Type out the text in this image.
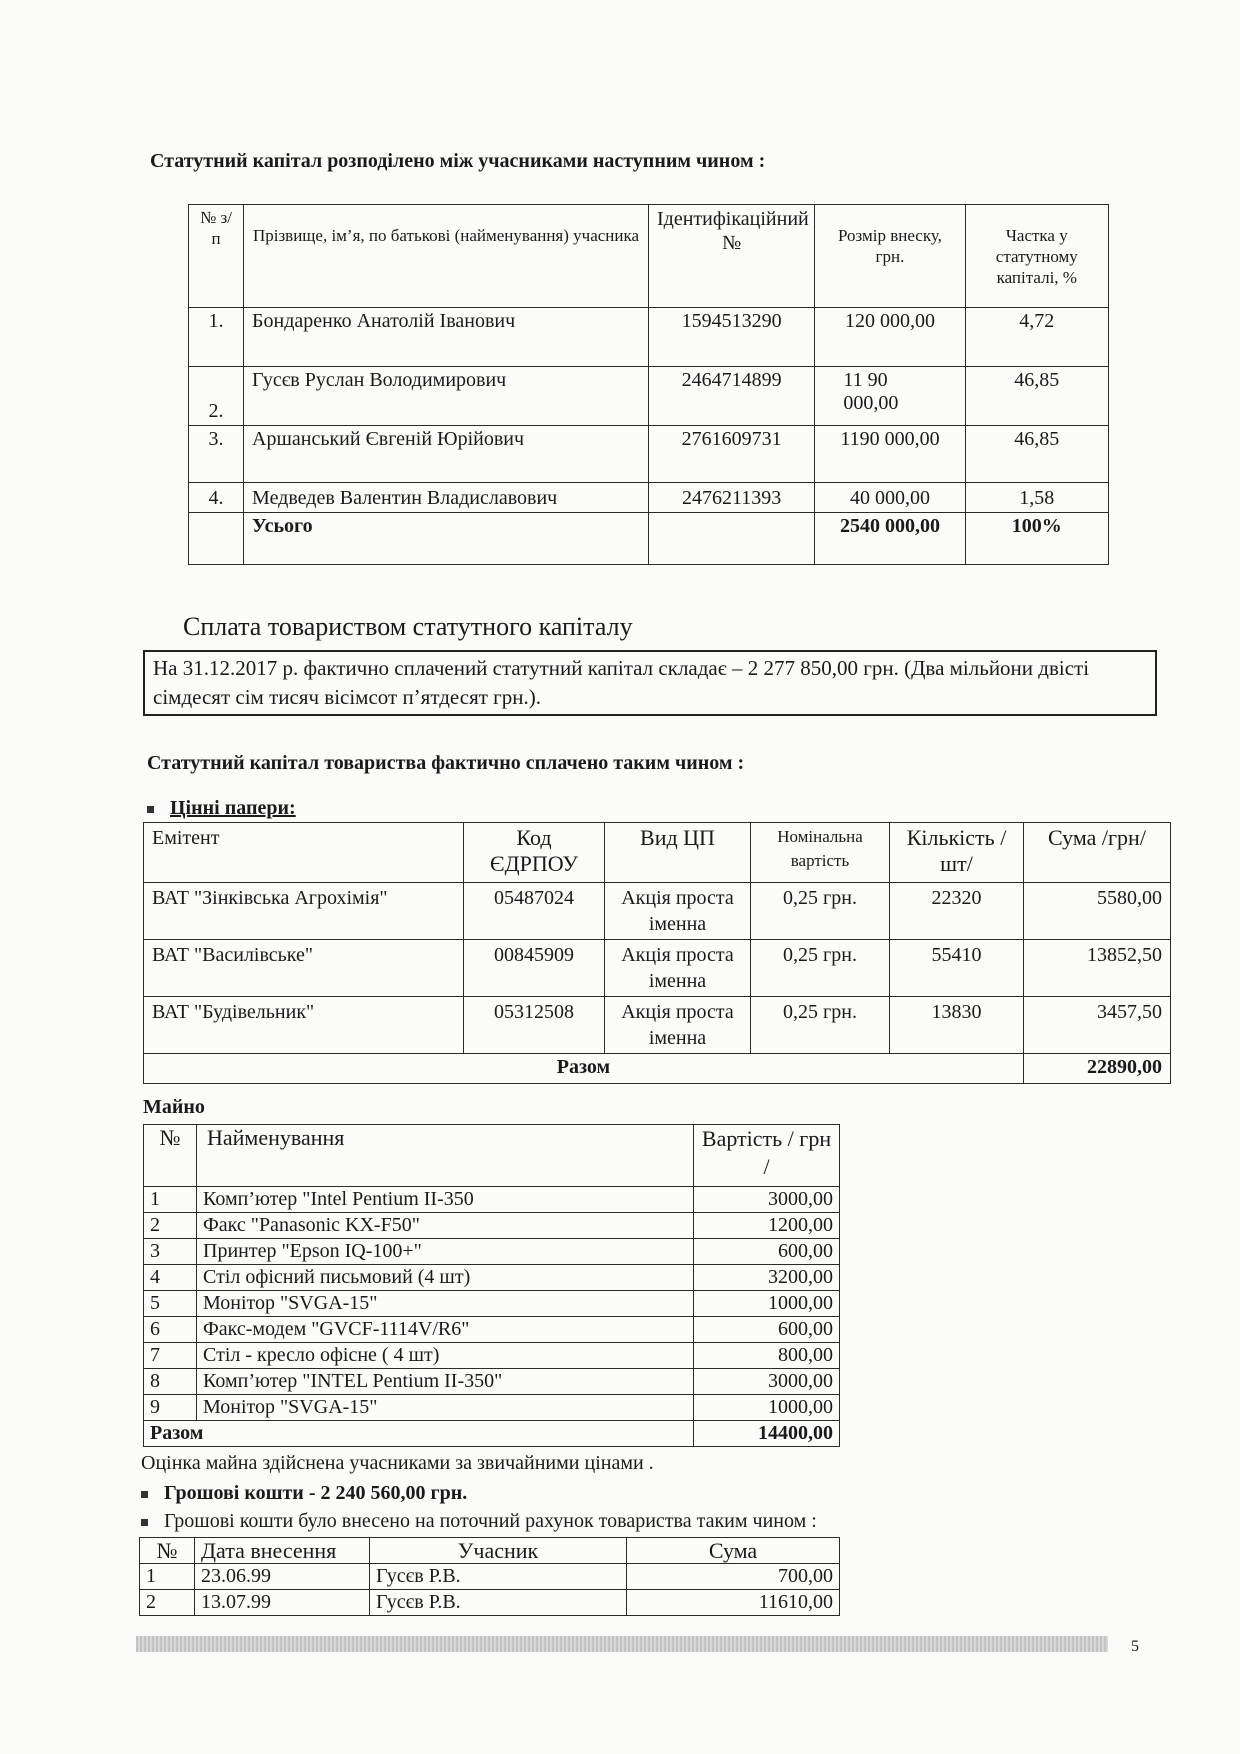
Статутний капітал розподілено між учасниками наступним чином :
№ з/п	Прізвище, ім’я, по батькові (найменування) учасника	Ідентифікаційний №	Розмір внеску, грн.	Частка у статутному капіталі, %
1.	Бондаренко Анатолій Іванович	1594513290	120 000,00	4,72
2.	Гусєв Руслан Володимирович	2464714899	11 90 000,00	46,85
3.	Аршанський Євгеній Юрійович	2761609731	1190 000,00	46,85
4.	Медведев Валентин Владиславович	2476211393	40 000,00	1,58
	Усього		2540 000,00	100%
Сплата товариством статутного капіталу
На 31.12.2017 р. фактично сплачений статутний капітал складає – 2 277 850,00 грн. (Два мільйони двісті сімдесят сім тисяч вісімсот п’ятдесят грн.).
Статутний капітал товариства фактично сплачено таким чином :
Цінні папери:
Емітент	Код ЄДРПОУ	Вид ЦП	Номінальна вартість	Кількість /шт/	Сума /грн/
ВАТ "Зінківська Агрохімія"	05487024	Акція проста іменна	0,25 грн.	22320	5580,00
ВАТ "Василівське"	00845909	Акція проста іменна	0,25 грн.	55410	13852,50
ВАТ "Будівельник"	05312508	Акція проста іменна	0,25 грн.	13830	3457,50
Разом					22890,00
Майно
№	Найменування	Вартість / грн /
1	Комп’ютер "Intel Pentium II-350	3000,00
2	Факс "Panasonic KX-F50"	1200,00
3	Принтер "Epson IQ-100+"	600,00
4	Стіл офісний письмовий (4 шт)	3200,00
5	Монітор "SVGA-15"	1000,00
6	Факс-модем "GVCF-1114V/R6"	600,00
7	Стіл - кресло офісне ( 4 шт)	800,00
8	Комп’ютер "INTEL Pentium II-350"	3000,00
9	Монітор "SVGA-15"	1000,00
Разом		14400,00
Оцінка майна здійснена учасниками за звичайними цінами .
Грошові кошти - 2 240 560,00 грн.
Грошові кошти було внесено на поточний рахунок товариства таким чином :
№	Дата внесення	Учасник	Сума
1	23.06.99	Гусєв Р.В.	700,00
2	13.07.99	Гусєв Р.В.	11610,00
5
